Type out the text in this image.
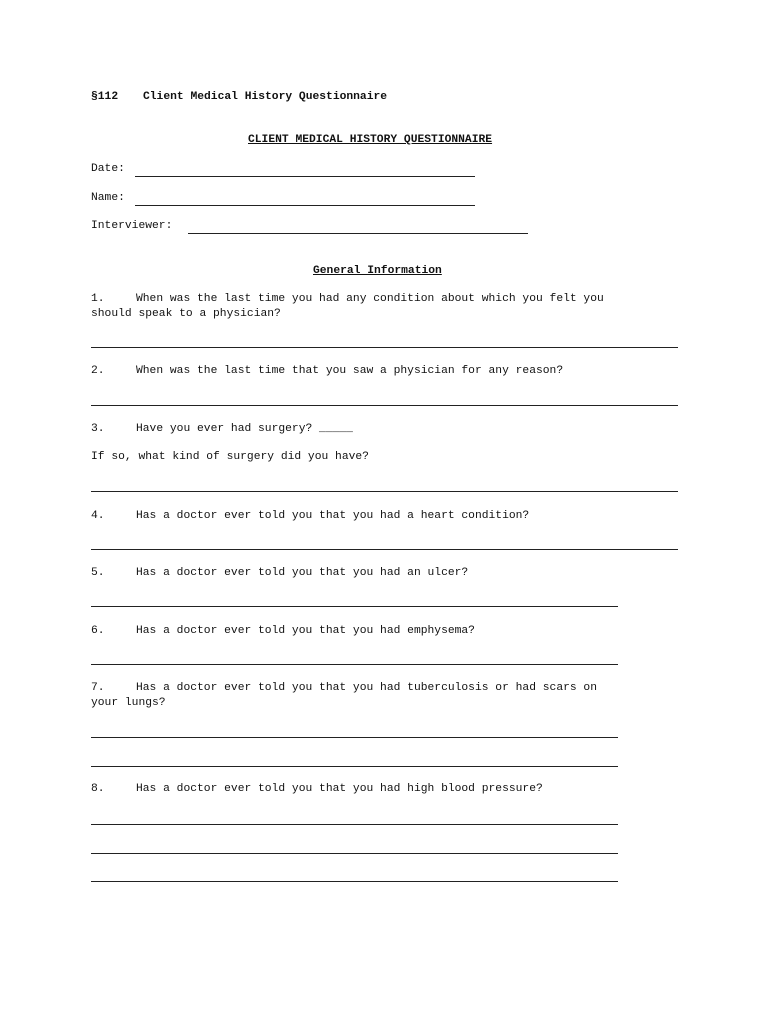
§112 Client Medical History Questionnaire
CLIENT MEDICAL HISTORY QUESTIONNAIRE
Date:
Name:
Interviewer:
General Information
1.	When was the last time you had any condition about which you felt you
should speak to a physician?
2.	When was the last time that you saw a physician for any reason?
3.	Have you ever had surgery? _____
If so, what kind of surgery did you have?
4.	Has a doctor ever told you that you had a heart condition?
5.	Has a doctor ever told you that you had an ulcer?
6.	Has a doctor ever told you that you had emphysema?
7.	Has a doctor ever told you that you had tuberculosis or had scars on
your lungs?
8.	Has a doctor ever told you that you had high blood pressure?
